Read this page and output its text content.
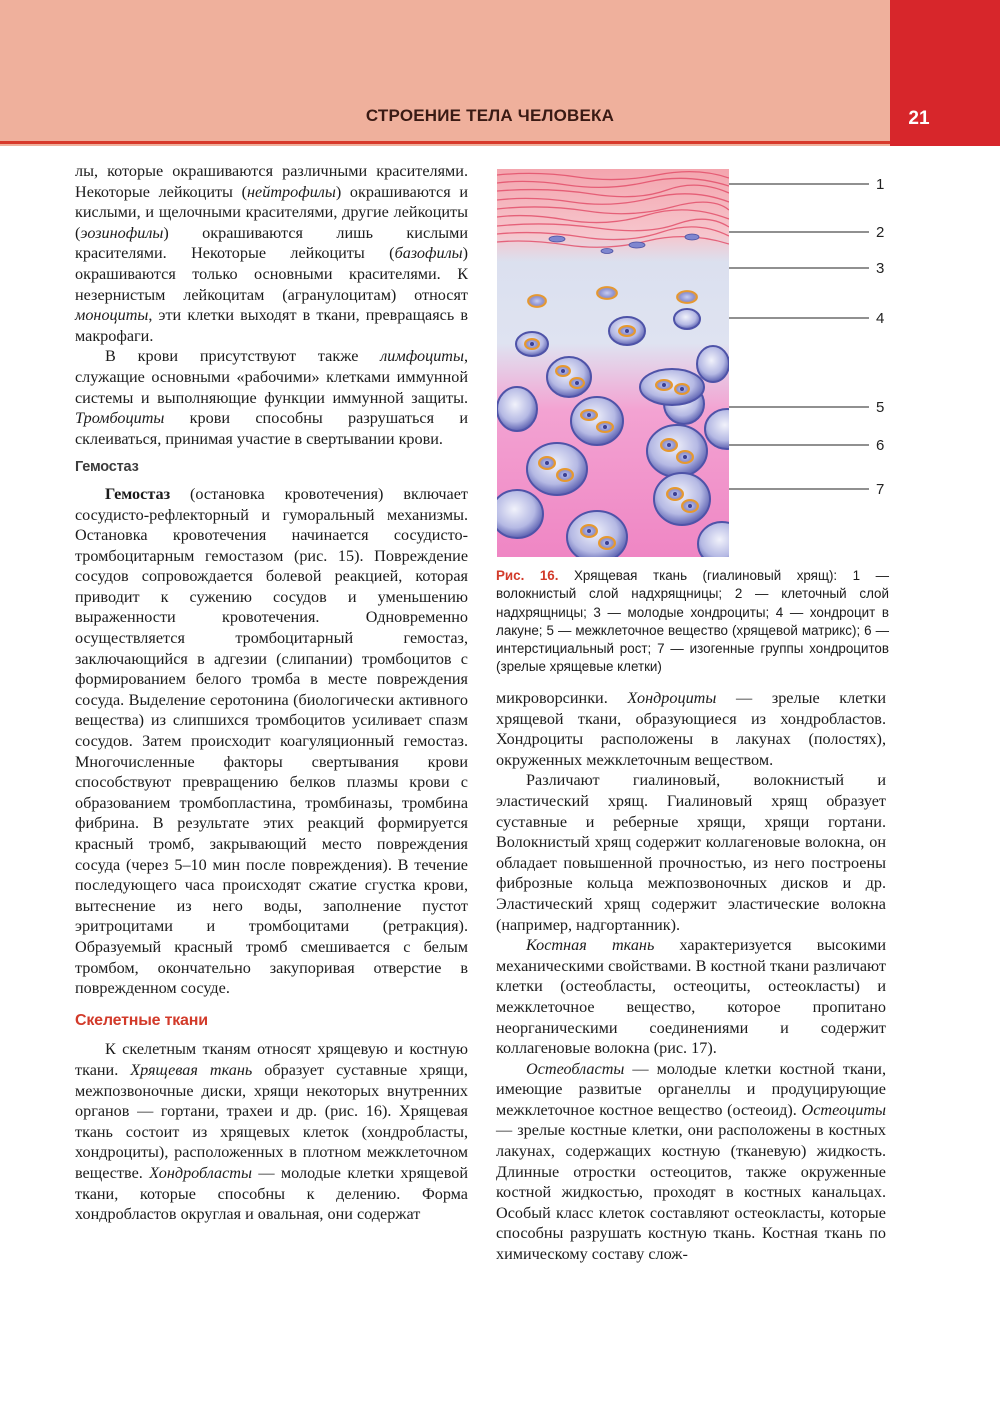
СТРОЕНИЕ ТЕЛА ЧЕЛОВЕКА	21

лы, которые окрашиваются различными красителями. Некоторые лейкоциты (нейтрофилы) окрашиваются и кислыми, и щелочными красителями, другие лейкоциты (эозинофилы) окрашиваются лишь кислыми красителями. Некоторые лейкоциты (базофилы) окрашиваются только основными красителями. К незернистым лейкоцитам (агранулоцитам) относят моноциты, эти клетки выходят в ткани, превращаясь в макрофаги.

В крови присутствуют также лимфоциты, служащие основными «рабочими» клетками иммунной системы и выполняющие функции иммунной защиты. Тромбоциты крови способны разрушаться и склеиваться, принимая участие в свертывании крови.

Гемостаз

Гемостаз (остановка кровотечения) включает сосудисто-рефлекторный и гуморальный механизмы. Остановка кровотечения начинается сосудисто-тромбоцитарным гемостазом (рис. 15). Повреждение сосудов сопровождается болевой реакцией, которая приводит к сужению сосудов и уменьшению выраженности кровотечения. Одновременно осуществляется тромбоцитарный гемостаз, заключающийся в адгезии (слипании) тромбоцитов с формированием белого тромба в месте повреждения сосуда. Выделение серотонина (биологически активного вещества) из слипшихся тромбоцитов усиливает спазм сосудов. Затем происходит коагуляционный гемостаз. Многочисленные факторы свертывания крови способствуют превращению белков плазмы крови с образованием тромбопластина, тромбиназы, тромбина фибрина. В результате этих реакций формируется красный тромб, закрывающий место повреждения сосуда (через 5–10 мин после повреждения). В течение последующего часа происходят сжатие сгустка крови, вытеснение из него воды, заполнение пустот эритроцитами и тромбоцитами (ретракция). Образуемый красный тромб смешивается с белым тромбом, окончательно закупоривая отверстие в поврежденном сосуде.

Скелетные ткани

К скелетным тканям относят хрящевую и костную ткани. Хрящевая ткань образует суставные хрящи, межпозвоночные диски, хрящи некоторых внутренних органов — гортани, трахеи и др. (рис. 16). Хрящевая ткань состоит из хрящевых клеток (хондробласты, хондроциты), расположенных в плотном межклеточном веществе. Хондробласты — молодые клетки хрящевой ткани, которые способны к делению. Форма хондробластов округлая и овальная, они содержат

1
2
3
4
5
6
7
Рис. 16. Хрящевая ткань (гиалиновый хрящ): 1 — волокнистый слой надхрящницы; 2 — клеточный слой надхрящницы; 3 — молодые хондроциты; 4 — хондроцит в лакуне; 5 — межклеточное вещество (хрящевой матрикс); 6 — интерстициальный рост; 7 — изогенные группы хондроцитов (зрелые хрящевые клетки)

микроворсинки. Хондроциты — зрелые клетки хрящевой ткани, образующиеся из хондробластов. Хондроциты расположены в лакунах (полостях), окруженных межклеточным веществом.

Различают гиалиновый, волокнистый и эластический хрящ. Гиалиновый хрящ образует суставные и реберные хрящи, хрящи гортани. Волокнистый хрящ содержит коллагеновые волокна, он обладает повышенной прочностью, из него построены фиброзные кольца межпозвоночных дисков и др. Эластический хрящ содержит эластические волокна (например, надгортанник).

Костная ткань характеризуется высокими механическими свойствами. В костной ткани различают клетки (остеобласты, остеоциты, остеокласты) и межклеточное вещество, которое пропитано неорганическими соединениями и содержит коллагеновые волокна (рис. 17).

Остеобласты — молодые клетки костной ткани, имеющие развитые органеллы и продуцирующие межклеточное костное вещество (остеоид). Остеоциты — зрелые костные клетки, они расположены в костных лакунах, содержащих костную (тканевую) жидкость. Длинные отростки остеоцитов, также окруженные костной жидкостью, проходят в костных канальцах. Особый класс клеток составляют остеокласты, которые способны разрушать костную ткань. Костная ткань по химическому составу слож-
